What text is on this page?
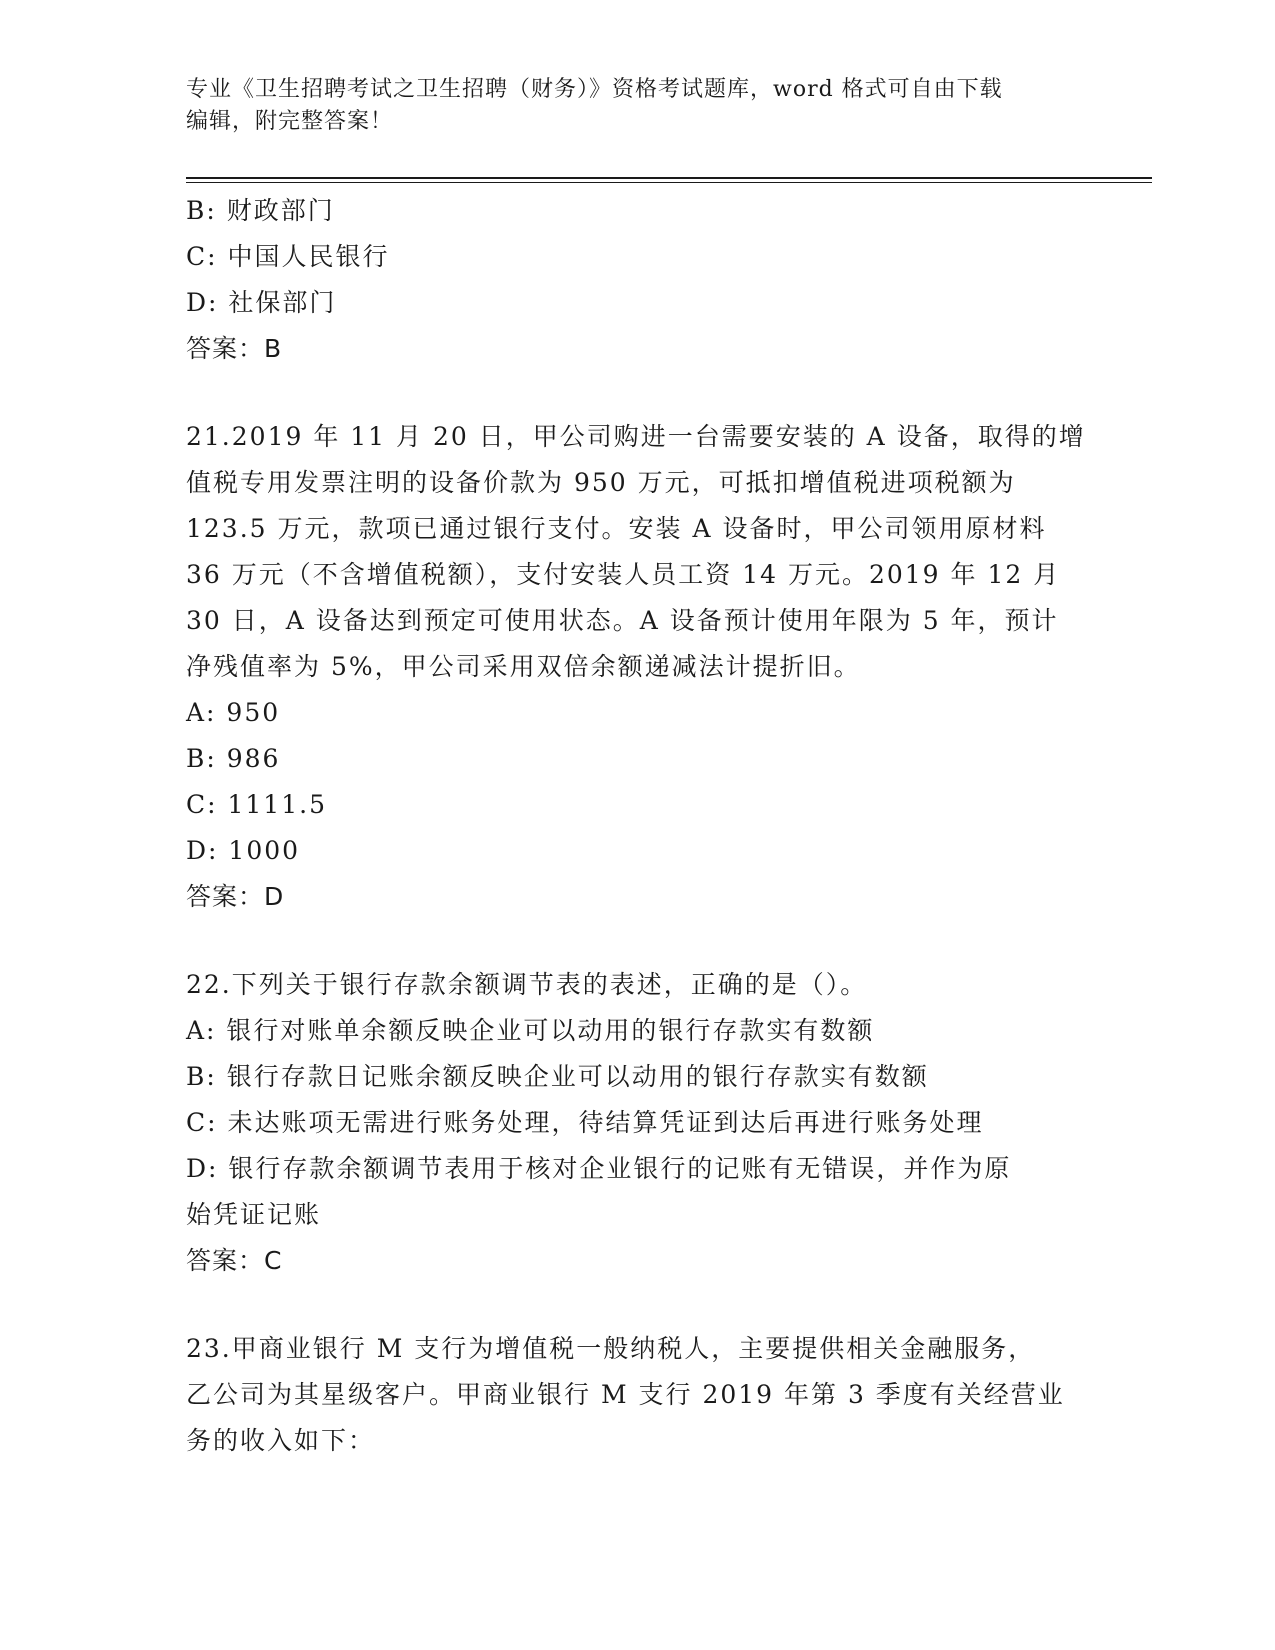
专业《卫生招聘考试之卫生招聘（财务）》资格考试题库，word 格式可自由下载
编辑，附完整答案！
B: 财政部门
C: 中国人民银行
D: 社保部门
答案：B
21.2019 年 11 月 20 日，甲公司购进一台需要安装的 A 设备，取得的增
值税专用发票注明的设备价款为 950 万元，可抵扣增值税进项税额为
123.5 万元，款项已通过银行支付。安装 A 设备时，甲公司领用原材料
36 万元（不含增值税额），支付安装人员工资 14 万元。2019 年 12 月
30 日，A 设备达到预定可使用状态。A 设备预计使用年限为 5 年，预计
净残值率为 5%，甲公司采用双倍余额递减法计提折旧。
A: 950
B: 986
C: 1111.5
D: 1000
答案：D
22.下列关于银行存款余额调节表的表述，正确的是（）。
A: 银行对账单余额反映企业可以动用的银行存款实有数额
B: 银行存款日记账余额反映企业可以动用的银行存款实有数额
C: 未达账项无需进行账务处理，待结算凭证到达后再进行账务处理
D: 银行存款余额调节表用于核对企业银行的记账有无错误，并作为原
始凭证记账
答案：C
23.甲商业银行 M 支行为增值税一般纳税人，主要提供相关金融服务，
乙公司为其星级客户。甲商业银行 M 支行 2019 年第 3 季度有关经营业
务的收入如下：
